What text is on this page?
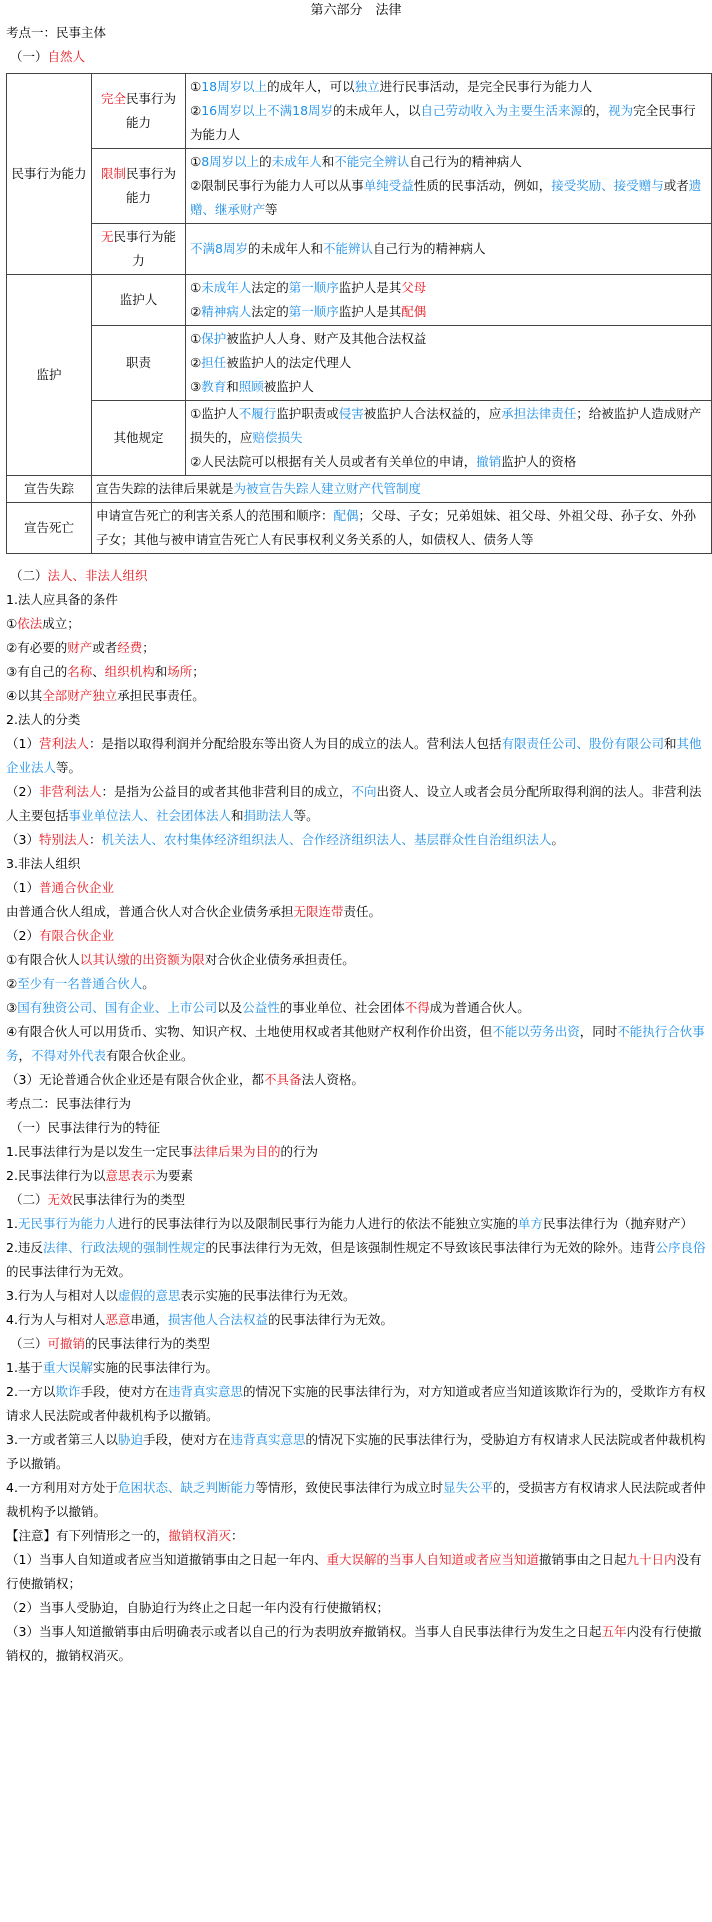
第六部分　法律
考点一：民事主体
（一）自然人
民事行为能力	完全民事行为能力	①18周岁以上的成年人，可以独立进行民事活动，是完全民事行为能力人
②16周岁以上不满18周岁的未成年人，以自己劳动收入为主要生活来源的，视为完全民事行为能力人

	限制民事行为能力	①8周岁以上的未成年人和不能完全辨认自己行为的精神病人
②限制民事行为能力人可以从事单纯受益性质的民事活动，例如，接受奖励、接受赠与或者遗赠、继承财产等

	无民事行为能力	不满8周岁的未成年人和不能辨认自己行为的精神病人
监护	监护人	①未成年人法定的第一顺序监护人是其父母
②精神病人法定的第一顺序监护人是其配偶

	职责	①保护被监护人人身、财产及其他合法权益
②担任被监护人的法定代理人
③教育和照顾被监护人

	其他规定	①监护人不履行监护职责或侵害被监护人合法权益的，应承担法律责任；给被监护人造成财产损失的，应赔偿损失
②人民法院可以根据有关人员或者有关单位的申请，撤销监护人的资格

宣告失踪	宣告失踪的法律后果就是为被宣告失踪人建立财产代管制度	
宣告死亡	申请宣告死亡的利害关系人的范围和顺序：配偶；父母、子女；兄弟姐妹、祖父母、外祖父母、孙子女、外孙子女；其他与被申请宣告死亡人有民事权利义务关系的人，如债权人、债务人等	
（二）法人、非法人组织
1.法人应具备的条件
①依法成立；
②有必要的财产或者经费；
③有自己的名称、组织机构和场所；
④以其全部财产独立承担民事责任。
2.法人的分类
（1）营利法人：是指以取得利润并分配给股东等出资人为目的成立的法人。营利法人包括有限责任公司、股份有限公司和其他企业法人等。
（2）非营利法人：是指为公益目的或者其他非营利目的成立，不向出资人、设立人或者会员分配所取得利润的法人。非营利法人主要包括事业单位法人、社会团体法人和捐助法人等。
（3）特别法人：机关法人、农村集体经济组织法人、合作经济组织法人、基层群众性自治组织法人。
3.非法人组织
（1）普通合伙企业
由普通合伙人组成，普通合伙人对合伙企业债务承担无限连带责任。
（2）有限合伙企业
①有限合伙人以其认缴的出资额为限对合伙企业债务承担责任。
②至少有一名普通合伙人。
③国有独资公司、国有企业、上市公司以及公益性的事业单位、社会团体不得成为普通合伙人。
④有限合伙人可以用货币、实物、知识产权、土地使用权或者其他财产权利作价出资，但不能以劳务出资，同时不能执行合伙事务，不得对外代表有限合伙企业。
（3）无论普通合伙企业还是有限合伙企业，都不具备法人资格。
考点二：民事法律行为
（一）民事法律行为的特征
1.民事法律行为是以发生一定民事法律后果为目的的行为
2.民事法律行为以意思表示为要素
（二）无效民事法律行为的类型
1.无民事行为能力人进行的民事法律行为以及限制民事行为能力人进行的依法不能独立实施的单方民事法律行为（抛弃财产）
2.违反法律、行政法规的强制性规定的民事法律行为无效，但是该强制性规定不导致该民事法律行为无效的除外。违背公序良俗的民事法律行为无效。
3.行为人与相对人以虚假的意思表示实施的民事法律行为无效。
4.行为人与相对人恶意串通，损害他人合法权益的民事法律行为无效。
（三）可撤销的民事法律行为的类型
1.基于重大误解实施的民事法律行为。
2.一方以欺诈手段，使对方在违背真实意思的情况下实施的民事法律行为，对方知道或者应当知道该欺诈行为的，受欺诈方有权请求人民法院或者仲裁机构予以撤销。
3.一方或者第三人以胁迫手段，使对方在违背真实意思的情况下实施的民事法律行为，受胁迫方有权请求人民法院或者仲裁机构予以撤销。
4.一方利用对方处于危困状态、缺乏判断能力等情形，致使民事法律行为成立时显失公平的，受损害方有权请求人民法院或者仲裁机构予以撤销。
【注意】有下列情形之一的，撤销权消灭：
（1）当事人自知道或者应当知道撤销事由之日起一年内、重大误解的当事人自知道或者应当知道撤销事由之日起九十日内没有行使撤销权；
（2）当事人受胁迫，自胁迫行为终止之日起一年内没有行使撤销权；
（3）当事人知道撤销事由后明确表示或者以自己的行为表明放弃撤销权。当事人自民事法律行为发生之日起五年内没有行使撤销权的，撤销权消灭。
